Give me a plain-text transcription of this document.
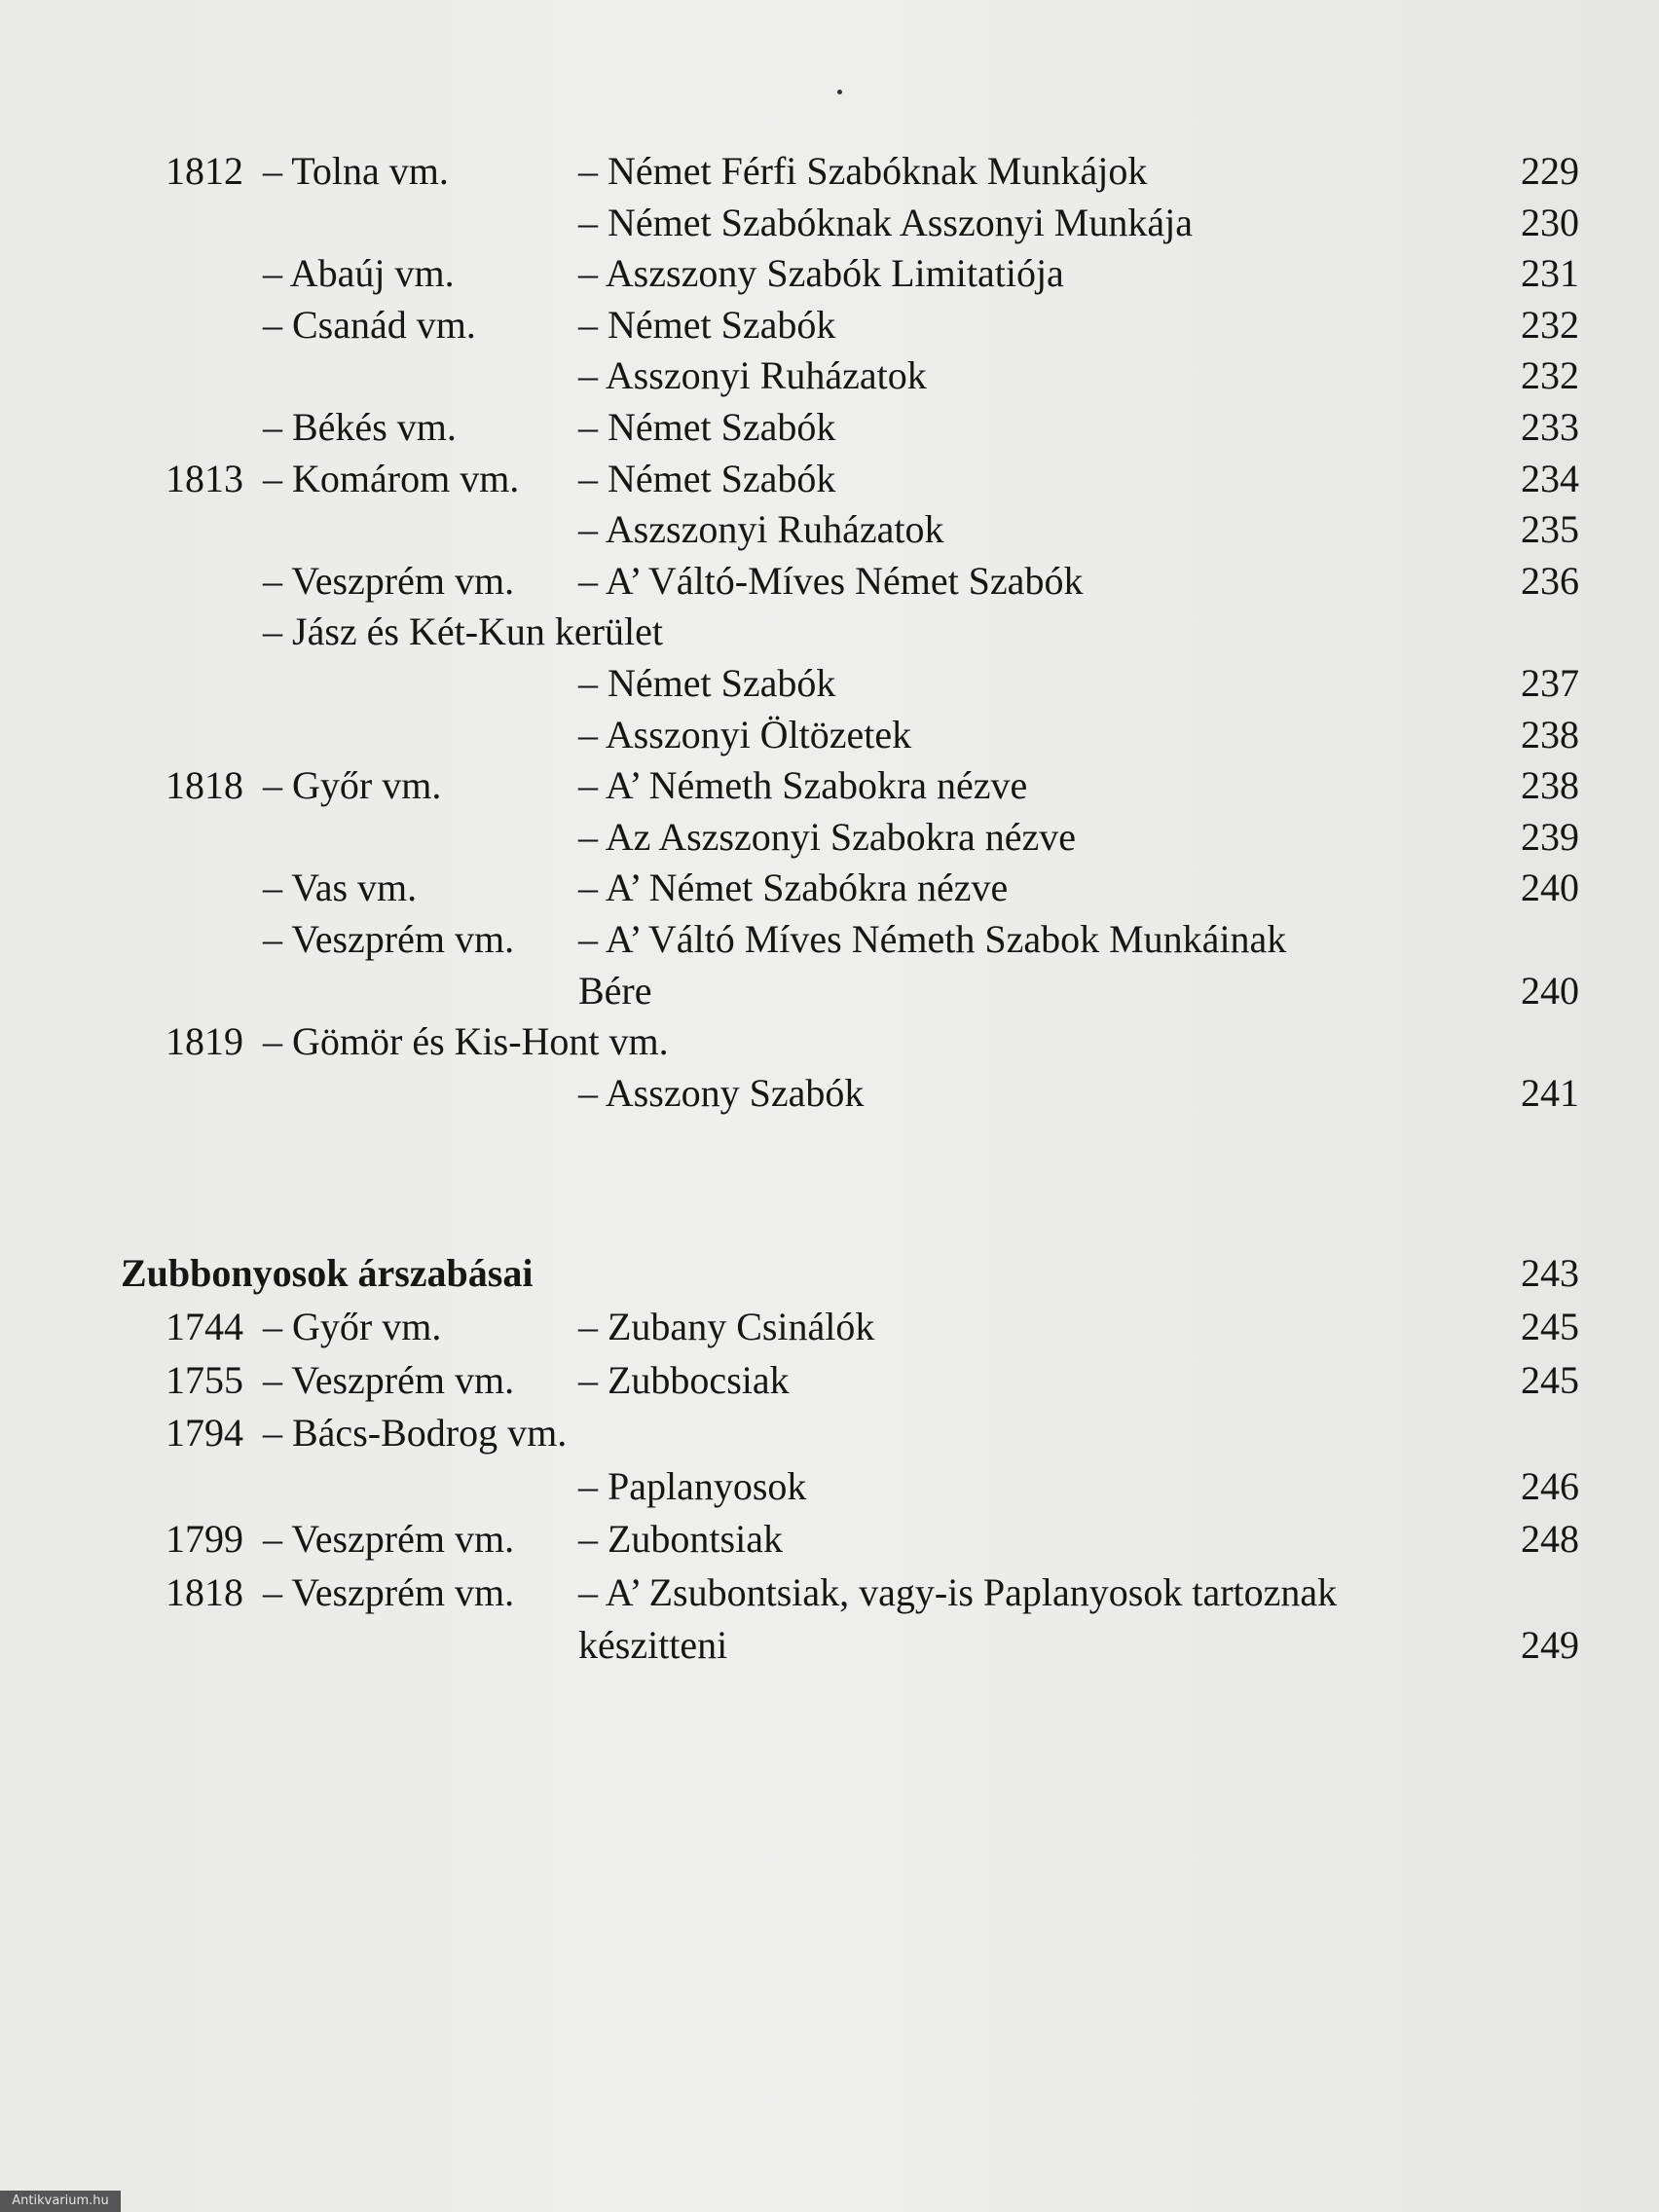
1812 – Tolna vm.	– Német Férfi Szabóknak Munkájok	229
– Német Szabóknak Asszonyi Munkája	230
– Abaúj vm.	– Aszszony Szabók Limitatiója	231
– Csanád vm.	– Német Szabók	232
– Asszonyi Ruházatok	232
– Békés vm.	– Német Szabók	233
1813 – Komárom vm. – Német Szabók	234
– Aszszonyi Ruházatok	235
– Veszprém vm. – A’ Váltó-Míves Német Szabók	236
– Jász és Két-Kun kerület
– Német Szabók	237
– Asszonyi Öltözetek	238
1818 – Győr vm.	– A’ Németh Szabokra nézve	238
– Az Aszszonyi Szabokra nézve	239
– Vas vm.	– A’ Német Szabókra nézve	240
– Veszprém vm. – A’ Váltó Míves Németh Szabok Munkáinak
Bére	240
1819 – Gömör és Kis-Hont vm.
– Asszony Szabók	241
Zubbonyosok árszabásai	243
1744 – Győr vm.	– Zubany Csinálók	245
1755 – Veszprém vm. – Zubbocsiak	245
1794 – Bács-Bodrog vm.
– Paplanyosok	246
1799 – Veszprém vm. – Zubontsiak	248
1818 – Veszprém vm. – A’ Zsubontsiak, vagy-is Paplanyosok tartoznak
készitteni	249
Antikvarium.hu
